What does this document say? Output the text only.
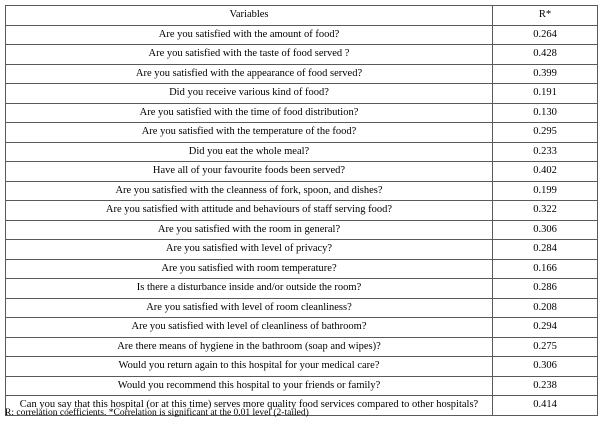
Variables	R*
Are you satisfied with the amount of food?	0.264
Are you satisfied with the taste of food served ?	0.428
Are you satisfied with the appearance of food served?	0.399
Did you receive various kind of food?	0.191
Are you satisfied with the time of food distribution?	0.130
Are you satisfied with the temperature of the food?	0.295
Did you eat the whole meal?	0.233
Have all of your favourite foods been served?	0.402
Are you satisfied with the cleanness of fork, spoon, and dishes?	0.199
Are you satisfied with attitude and behaviours of staff serving food?	0.322
Are you satisfied with the room in general?	0.306
Are you satisfied with level of privacy?	0.284
Are you satisfied with room temperature?	0.166
Is there a disturbance inside and/or outside the room?	0.286
Are you satisfied with level of room cleanliness?	0.208
Are you satisfied with level of cleanliness of bathroom?	0.294
Are there means of hygiene in the bathroom (soap and wipes)?	0.275
Would you return again to this hospital for your medical care?	0.306
Would you recommend this hospital to your friends or family?	0.238
Can you say that this hospital (or at this time) serves more quality food services compared to other hospitals?	0.414
R: correlation coefficients. *Correlation is significant at the 0.01 level (2-tailed)
